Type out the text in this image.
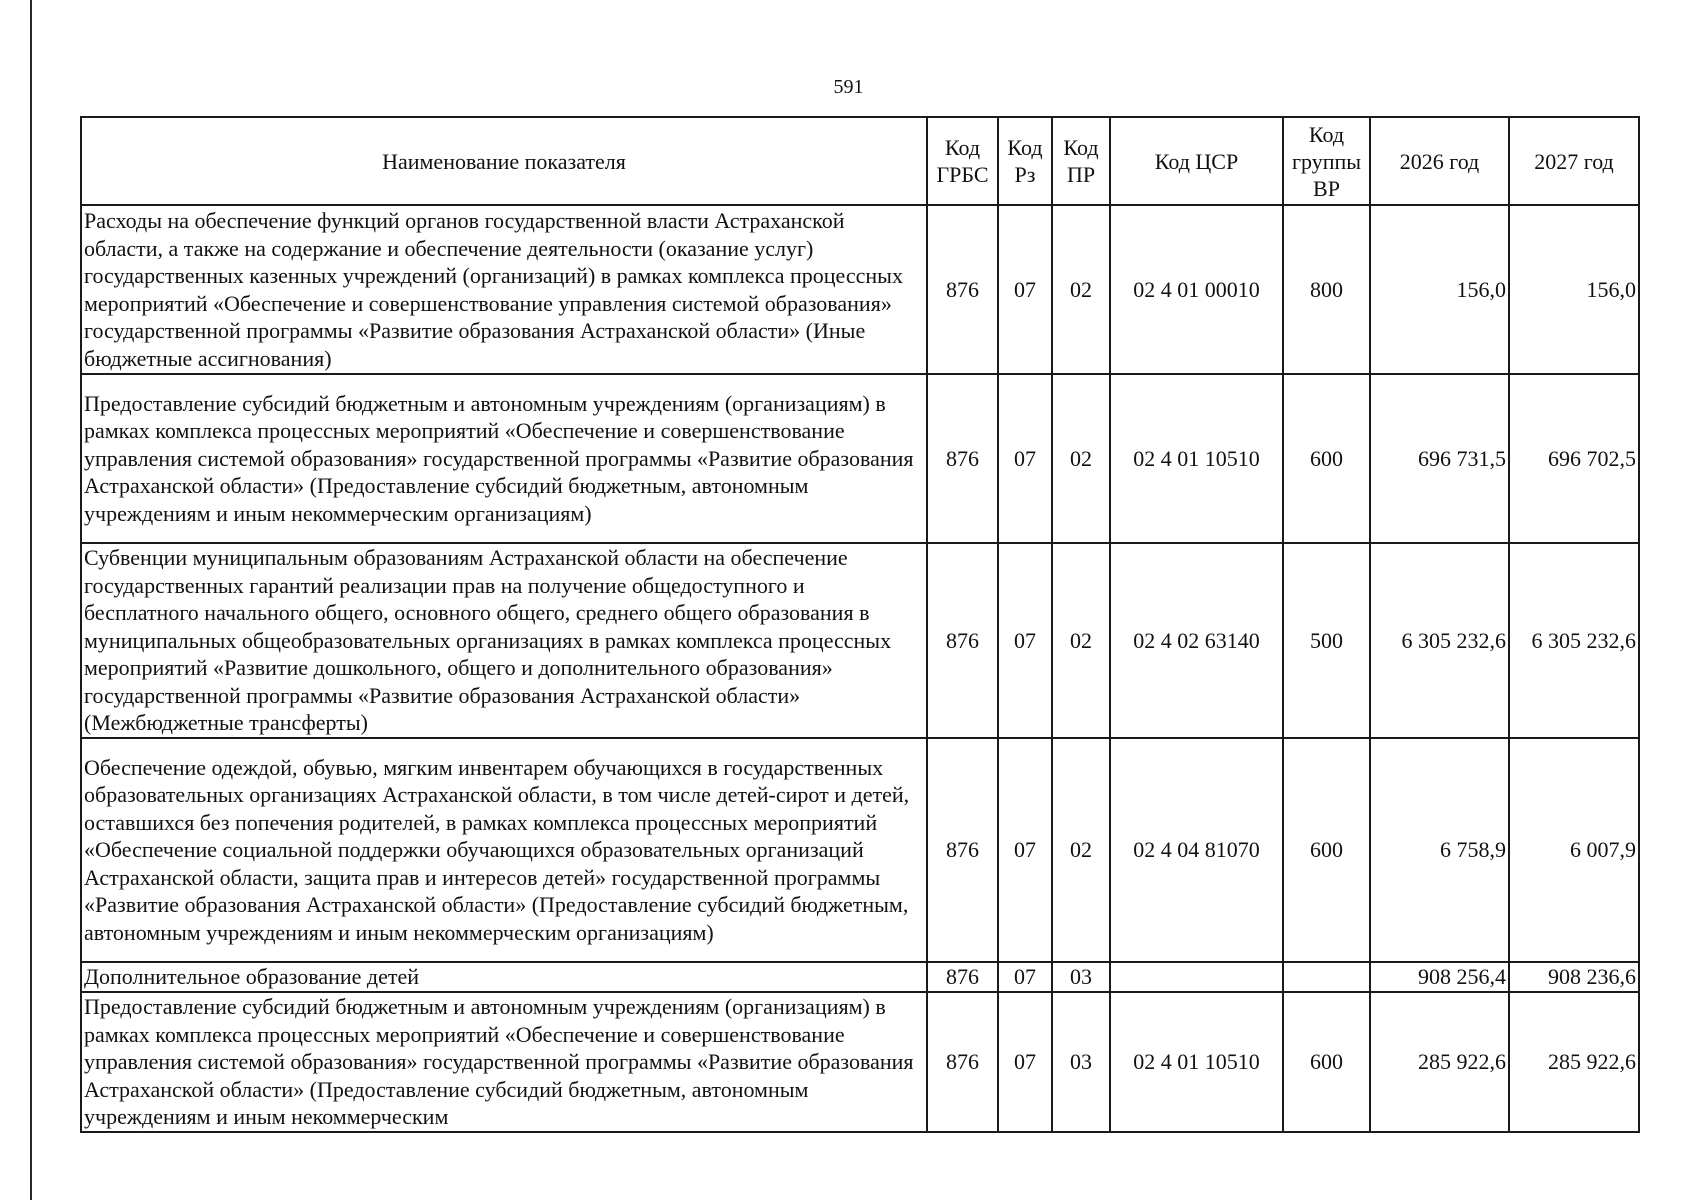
591
Наименование показателя	Код ГРБС	Код Рз	Код ПР	Код ЦСР	Код группы ВР	2026 год	2027 год
Расходы на обеспечение функций органов государственной власти Астраханской области, а также на содержание и обеспечение деятельности (оказание услуг) государственных казенных учреждений (организаций) в рамках комплекса процессных мероприятий «Обеспечение и совершенствование управления системой образования» государственной программы «Развитие образования Астраханской области» (Иные бюджетные ассигнования)	876	07	02	02 4 01 00010	800	156,0	156,0
Предоставление субсидий бюджетным и автономным учреждениям (организациям) в рамках комплекса процессных мероприятий «Обеспечение и совершенствование управления системой образования» государственной программы «Развитие образования Астраханской области» (Предоставление субсидий бюджетным, автономным учреждениям и иным некоммерческим организациям)	876	07	02	02 4 01 10510	600	696 731,5	696 702,5
Субвенции муниципальным образованиям Астраханской области на обеспечение государственных гарантий реализации прав на получение общедоступного и бесплатного начального общего, основного общего, среднего общего образования в муниципальных общеобразовательных организациях в рамках комплекса процессных мероприятий «Развитие дошкольного, общего и дополнительного образования» государственной программы «Развитие образования Астраханской области» (Межбюджетные трансферты)	876	07	02	02 4 02 63140	500	6 305 232,6	6 305 232,6
Обеспечение одеждой, обувью, мягким инвентарем обучающихся в государственных образовательных организациях Астраханской области, в том числе детей-сирот и детей, оставшихся без попечения родителей, в рамках комплекса процессных мероприятий «Обеспечение социальной поддержки обучающихся образовательных организаций Астраханской области, защита прав и интересов детей» государственной программы «Развитие образования Астраханской области» (Предоставление субсидий бюджетным, автономным учреждениям и иным некоммерческим организациям)	876	07	02	02 4 04 81070	600	6 758,9	6 007,9
Дополнительное образование детей	876	07	03			908 256,4	908 236,6
Предоставление субсидий бюджетным и автономным учреждениям (организациям) в рамках комплекса процессных мероприятий «Обеспечение и совершенствование управления системой образования» государственной программы «Развитие образования Астраханской области» (Предоставление субсидий бюджетным, автономным учреждениям и иным некоммерческим	876	07	03	02 4 01 10510	600	285 922,6	285 922,6
